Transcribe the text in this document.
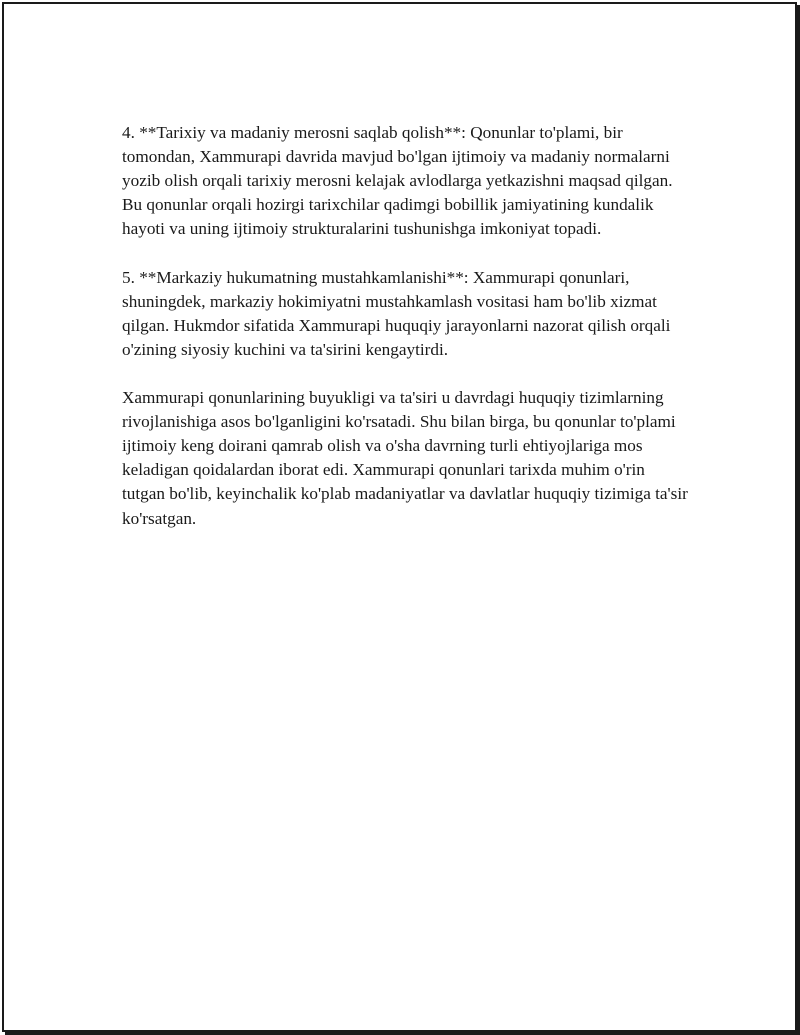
4. **Tarixiy va madaniy merosni saqlab qolish**: Qonunlar to'plami, bir tomondan, Xammurapi davrida mavjud bo'lgan ijtimoiy va madaniy normalarni yozib olish orqali tarixiy merosni kelajak avlodlarga yetkazishni maqsad qilgan. Bu qonunlar orqali hozirgi tarixchilar qadimgi bobillik jamiyatining kundalik hayoti va uning ijtimoiy strukturalarini tushunishga imkoniyat topadi.

5. **Markaziy hukumatning mustahkamlanishi**: Xammurapi qonunlari, shuningdek, markaziy hokimiyatni mustahkamlash vositasi ham bo'lib xizmat qilgan. Hukmdor sifatida Xammurapi huquqiy jarayonlarni nazorat qilish orqali o'zining siyosiy kuchini va ta'sirini kengaytirdi.

Xammurapi qonunlarining buyukligi va ta'siri u davrdagi huquqiy tizimlarning rivojlanishiga asos bo'lganligini ko'rsatadi. Shu bilan birga, bu qonunlar to'plami ijtimoiy keng doirani qamrab olish va o'sha davrning turli ehtiyojlariga mos keladigan qoidalardan iborat edi. Xammurapi qonunlari tarixda muhim o'rin tutgan bo'lib, keyinchalik ko'plab madaniyatlar va davlatlar huquqiy tizimiga ta'sir ko'rsatgan.
